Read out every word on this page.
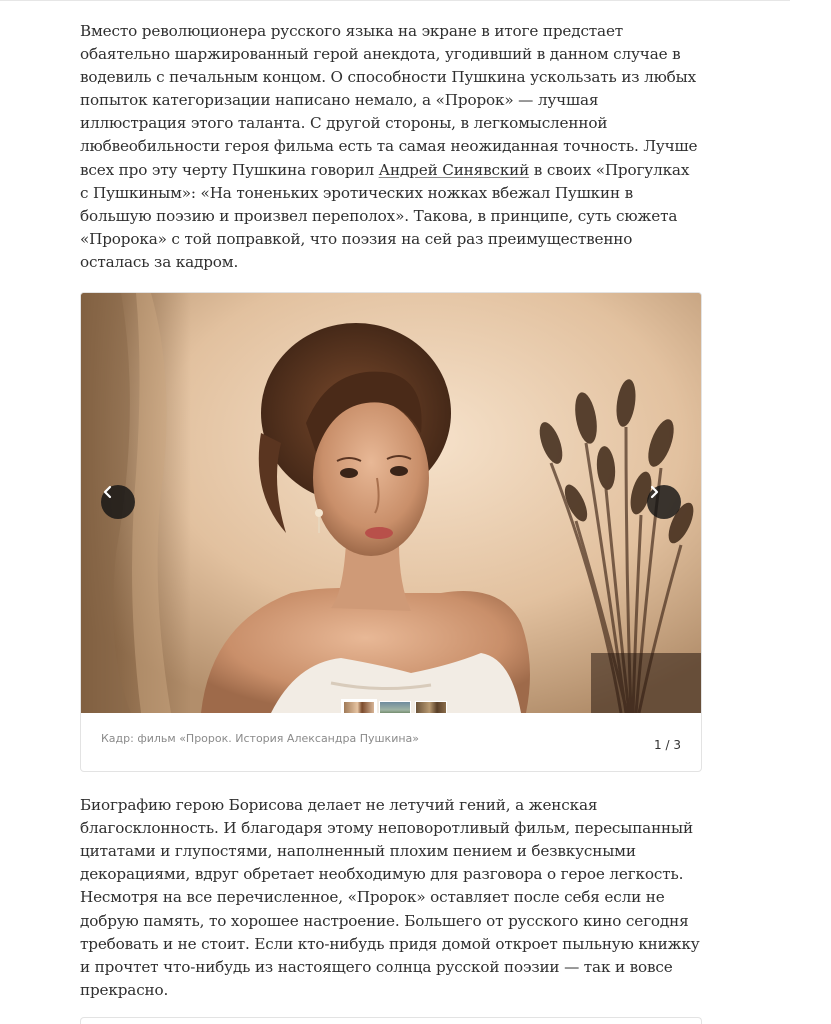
Вместо революционера русского языка на экране в итоге предстает обаятельно шаржированный герой анекдота, угодивший в данном случае в водевиль с печальным концом. О способности Пушкина ускользать из любых попыток категоризации написано немало, а «Пророк» — лучшая иллюстрация этого таланта. С другой стороны, в легкомысленной любвеобильности героя фильма есть та самая неожиданная точность. Лучше всех про эту черту Пушкина говорил Андрей Синявский в своих «Прогулках с Пушкиным»: «На тоненьких эротических ножках вбежал Пушкин в большую поэзию и произвел переполох». Такова, в принципе, суть сюжета «Пророка» с той поправкой, что поэзия на сей раз преимущественно осталась за кадром.

Кадр: фильм «Пророк. История Александра Пушкина»	1 / 3

Биографию герою Борисова делает не летучий гений, а женская благосклонность. И благодаря этому неповоротливый фильм, пересыпанный цитатами и глупостями, наполненный плохим пением и безвкусными декорациями, вдруг обретает необходимую для разговора о герое легкость. Несмотря на все перечисленное, «Пророк» оставляет после себя если не добрую память, то хорошее настроение. Большего от русского кино сегодня требовать и не стоит. Если кто-нибудь придя домой откроет пыльную книжку и прочтет что-нибудь из настоящего солнца русской поэзии — так и вовсе прекрасно.
